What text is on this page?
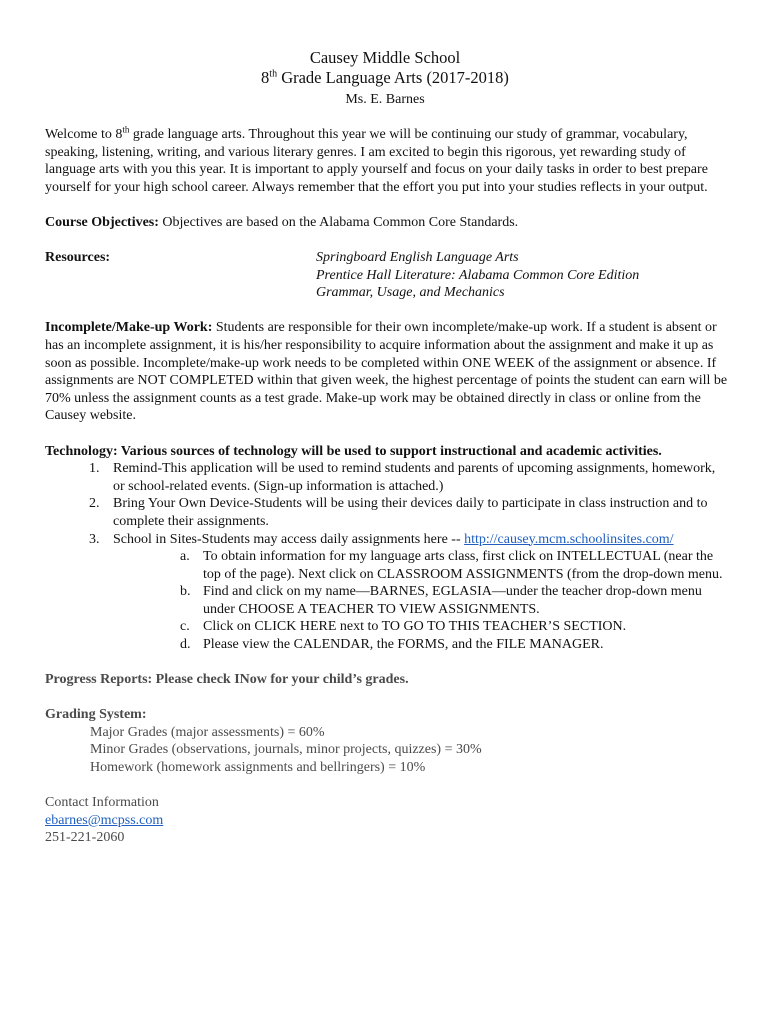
Causey Middle School
8th Grade Language Arts (2017-2018)
Ms. E. Barnes

Welcome to 8th grade language arts. Throughout this year we will be continuing our study of grammar, vocabulary, speaking, listening, writing, and various literary genres. I am excited to begin this rigorous, yet rewarding study of language arts with you this year. It is important to apply yourself and focus on your daily tasks in order to best prepare yourself for your high school career. Always remember that the effort you put into your studies reflects in your output.

Course Objectives: Objectives are based on the Alabama Common Core Standards.

Resources:	Springboard English Language Arts
Prentice Hall Literature: Alabama Common Core Edition
Grammar, Usage, and Mechanics

Incomplete/Make-up Work: Students are responsible for their own incomplete/make-up work. If a student is absent or has an incomplete assignment, it is his/her responsibility to acquire information about the assignment and make it up as soon as possible. Incomplete/make-up work needs to be completed within ONE WEEK of the assignment or absence. If assignments are NOT COMPLETED within that given week, the highest percentage of points the student can earn will be 70% unless the assignment counts as a test grade. Make-up work may be obtained directly in class or online from the Causey website.

Technology: Various sources of technology will be used to support instructional and academic activities.

1. Remind-This application will be used to remind students and parents of upcoming assignments, homework, or school-related events. (Sign-up information is attached.)
2. Bring Your Own Device-Students will be using their devices daily to participate in class instruction and to complete their assignments.
3. School in Sites-Students may access daily assignments here -- http://causey.mcm.schoolinsites.com/
a. To obtain information for my language arts class, first click on INTELLECTUAL (near the top of the page). Next click on CLASSROOM ASSIGNMENTS (from the drop-down menu.
b. Find and click on my name—BARNES, EGLASIA—under the teacher drop-down menu under CHOOSE A TEACHER TO VIEW ASSIGNMENTS.
c. Click on CLICK HERE next to TO GO TO THIS TEACHER’S SECTION.
d. Please view the CALENDAR, the FORMS, and the FILE MANAGER.

Progress Reports: Please check INow for your child’s grades.

Grading System:

Major Grades (major assessments) = 60%
Minor Grades (observations, journals, minor projects, quizzes) = 30%
Homework (homework assignments and bellringers) = 10%

Contact Information

ebarnes@mcpss.com

251-221-2060
